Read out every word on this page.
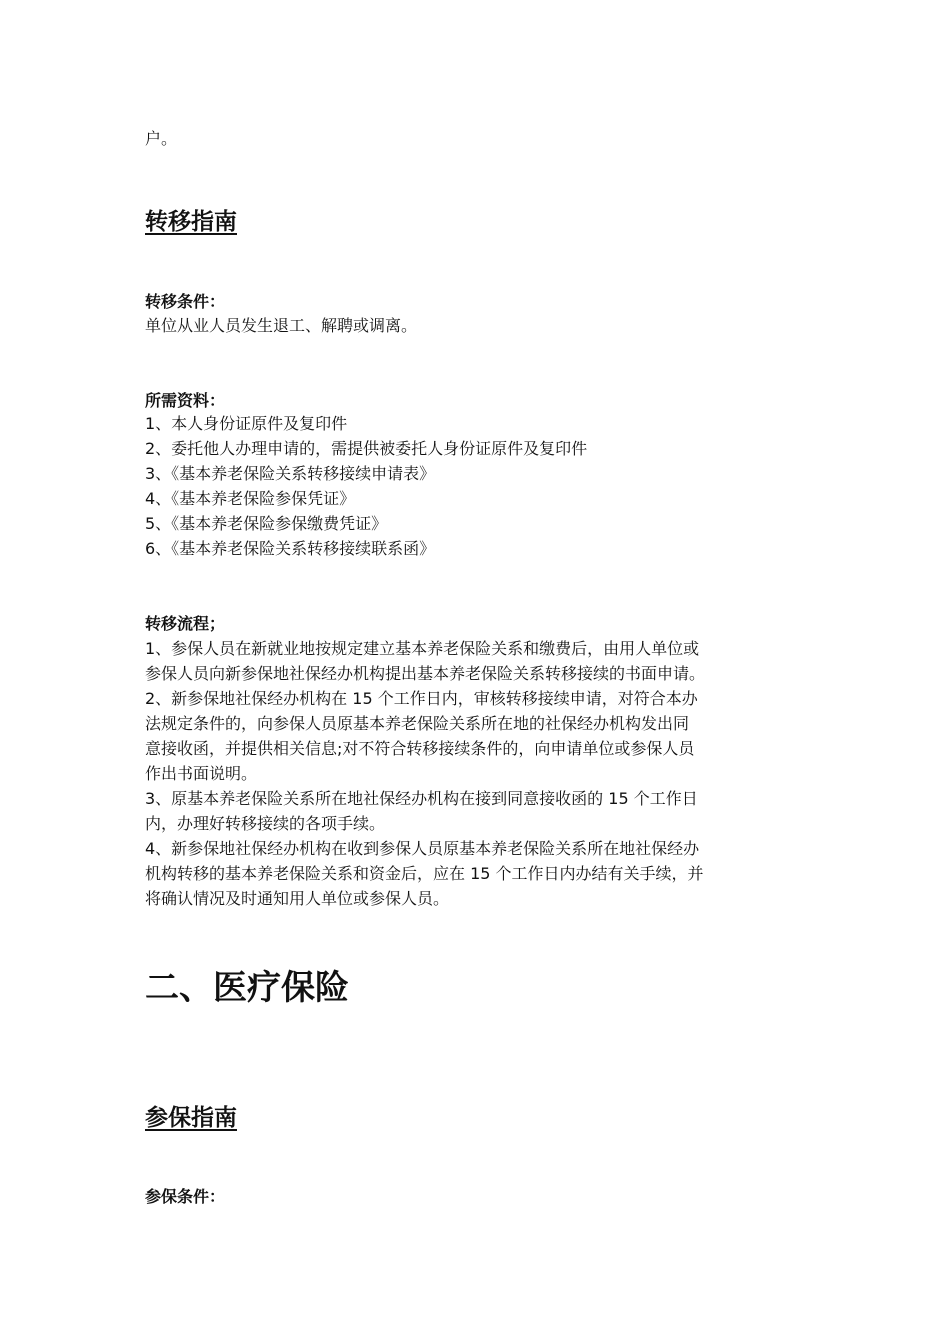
户。
转移指南
转移条件：
单位从业人员发生退工、解聘或调离。
所需资料：
1、本人身份证原件及复印件
2、委托他人办理申请的，需提供被委托人身份证原件及复印件
3、《基本养老保险关系转移接续申请表》
4、《基本养老保险参保凭证》
5、《基本养老保险参保缴费凭证》
6、《基本养老保险关系转移接续联系函》
转移流程；
1、参保人员在新就业地按规定建立基本养老保险关系和缴费后，由用人单位或
参保人员向新参保地社保经办机构提出基本养老保险关系转移接续的书面申请。
2、新参保地社保经办机构在 15 个工作日内，审核转移接续申请，对符合本办
法规定条件的，向参保人员原基本养老保险关系所在地的社保经办机构发出同
意接收函，并提供相关信息;对不符合转移接续条件的，向申请单位或参保人员
作出书面说明。
3、原基本养老保险关系所在地社保经办机构在接到同意接收函的 15 个工作日
内，办理好转移接续的各项手续。
4、新参保地社保经办机构在收到参保人员原基本养老保险关系所在地社保经办
机构转移的基本养老保险关系和资金后，应在 15 个工作日内办结有关手续，并
将确认情况及时通知用人单位或参保人员。
二、医疗保险
参保指南
参保条件：
